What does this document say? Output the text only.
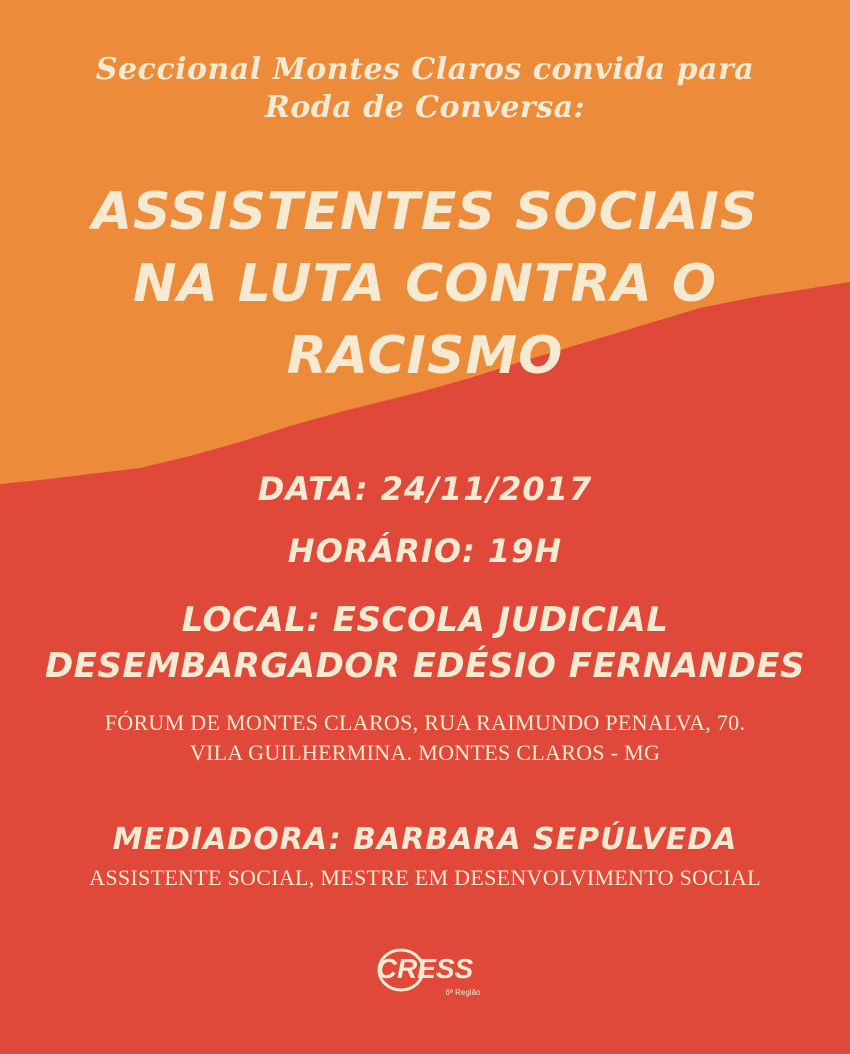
Seccional Montes Claros convida para
Roda de Conversa:
ASSISTENTES SOCIAIS
NA LUTA CONTRA O
RACISMO
DATA: 24/11/2017
HORÁRIO: 19H
LOCAL: ESCOLA JUDICIAL
DESEMBARGADOR EDÉSIO FERNANDES
FÓRUM DE MONTES CLAROS, RUA RAIMUNDO PENALVA, 70.
VILA GUILHERMINA. MONTES CLAROS - MG
MEDIADORA: BARBARA SEPÚLVEDA
ASSISTENTE SOCIAL, MESTRE EM DESENVOLVIMENTO SOCIAL
CRESS
6ª Região
